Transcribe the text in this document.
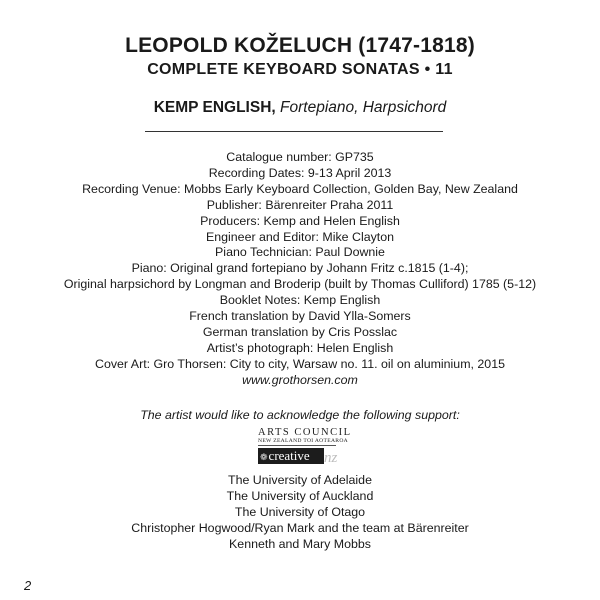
LEOPOLD KOŽELUCH (1747-1818)
COMPLETE KEYBOARD SONATAS • 11
KEMP ENGLISH, Fortepiano, Harpsichord
Catalogue number: GP735
Recording Dates: 9-13 April 2013
Recording Venue: Mobbs Early Keyboard Collection, Golden Bay, New Zealand
Publisher: Bärenreiter Praha 2011
Producers: Kemp and Helen English
Engineer and Editor: Mike Clayton
Piano Technician: Paul Downie
Piano: Original grand fortepiano by Johann Fritz c.1815 (1-4);
Original harpsichord by Longman and Broderip (built by Thomas Culliford) 1785 (5-12)
Booklet Notes: Kemp English
French translation by David Ylla-Somers
German translation by Cris Posslac
Artist’s photograph: Helen English
Cover Art: Gro Thorsen: City to city, Warsaw no. 11. oil on aluminium, 2015
www.grothorsen.com
The artist would like to acknowledge the following support:
ARTS COUNCIL
NEW ZEALAND TOI AOTEAROA
❁creative nz
The University of Adelaide
The University of Auckland
The University of Otago
Christopher Hogwood/Ryan Mark and the team at Bärenreiter
Kenneth and Mary Mobbs
2
